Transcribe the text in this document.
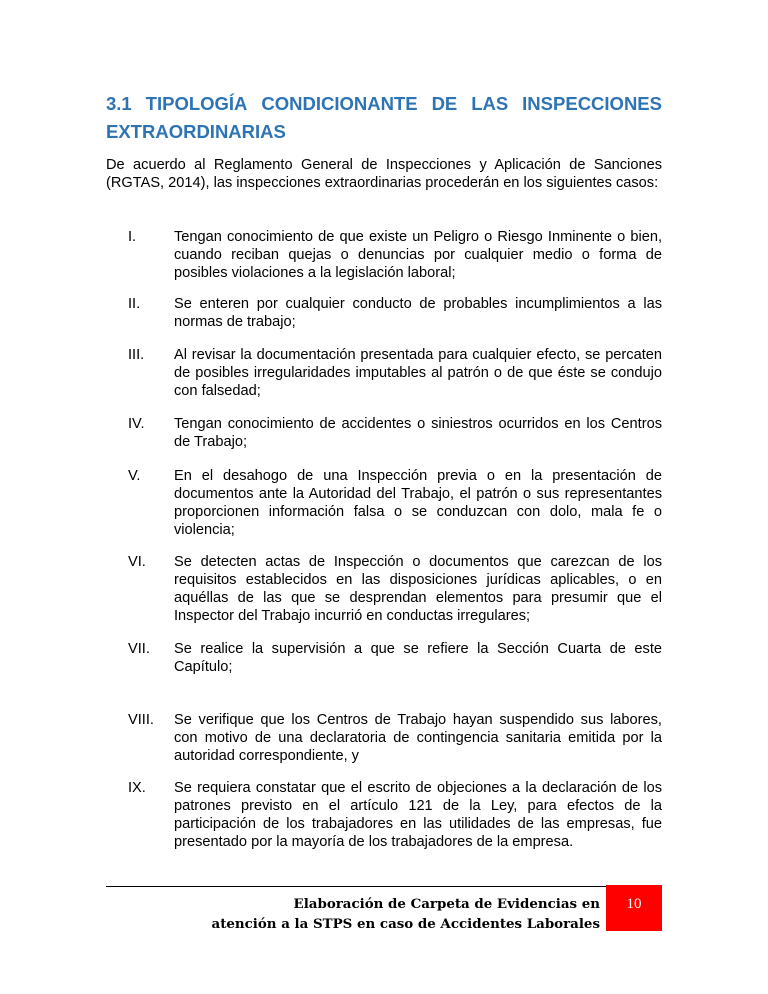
3.1 TIPOLOGÍA CONDICIONANTE DE LAS INSPECCIONES
EXTRAORDINARIAS
De acuerdo al Reglamento General de Inspecciones y Aplicación de Sanciones (RGTAS, 2014), las inspecciones extraordinarias procederán en los siguientes casos:
I.	Tengan conocimiento de que existe un Peligro o Riesgo Inminente o bien, cuando reciban quejas o denuncias por cualquier medio o forma de posibles violaciones a la legislación laboral;
II. Se enteren por cualquier conducto de probables incumplimientos a las normas de trabajo;
III. Al revisar la documentación presentada para cualquier efecto, se percaten de posibles irregularidades imputables al patrón o de que éste se condujo con falsedad;
IV. Tengan conocimiento de accidentes o siniestros ocurridos en los Centros de Trabajo;
V. En el desahogo de una Inspección previa o en la presentación de documentos ante la Autoridad del Trabajo, el patrón o sus representantes proporcionen información falsa o se conduzcan con dolo, mala fe o violencia;
VI. Se detecten actas de Inspección o documentos que carezcan de los requisitos establecidos en las disposiciones jurídicas aplicables, o en aquéllas de las que se desprendan elementos para presumir que el Inspector del Trabajo incurrió en conductas irregulares;
VII. Se realice la supervisión a que se refiere la Sección Cuarta de este Capítulo;
VIII. Se verifique que los Centros de Trabajo hayan suspendido sus labores, con motivo de una declaratoria de contingencia sanitaria emitida por la autoridad correspondiente, y
IX. Se requiera constatar que el escrito de objeciones a la declaración de los patrones previsto en el artículo 121 de la Ley, para efectos de la participación de los trabajadores en las utilidades de las empresas, fue presentado por la mayoría de los trabajadores de la empresa.
Elaboración de Carpeta de Evidencias en
atención a la STPS en caso de Accidentes Laborales
10
